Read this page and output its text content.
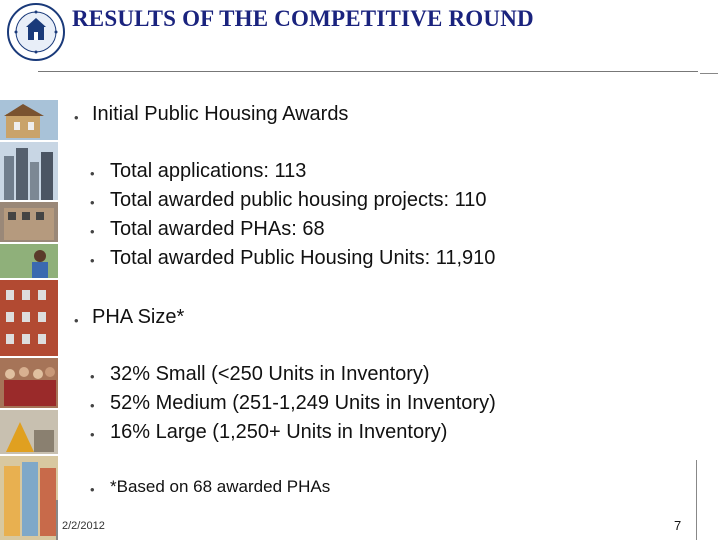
RESULTS OF THE COMPETITIVE ROUND
• Initial Public Housing Awards
• Total applications: 113
• Total awarded public housing projects: 110
• Total awarded PHAs: 68
• Total awarded Public Housing Units: 11,910
• PHA Size*
• 32% Small (<250 Units in Inventory)
• 52% Medium (251-1,249 Units in Inventory)
• 16% Large (1,250+ Units in Inventory)
• *Based on 68 awarded PHAs
2/2/2012	7
